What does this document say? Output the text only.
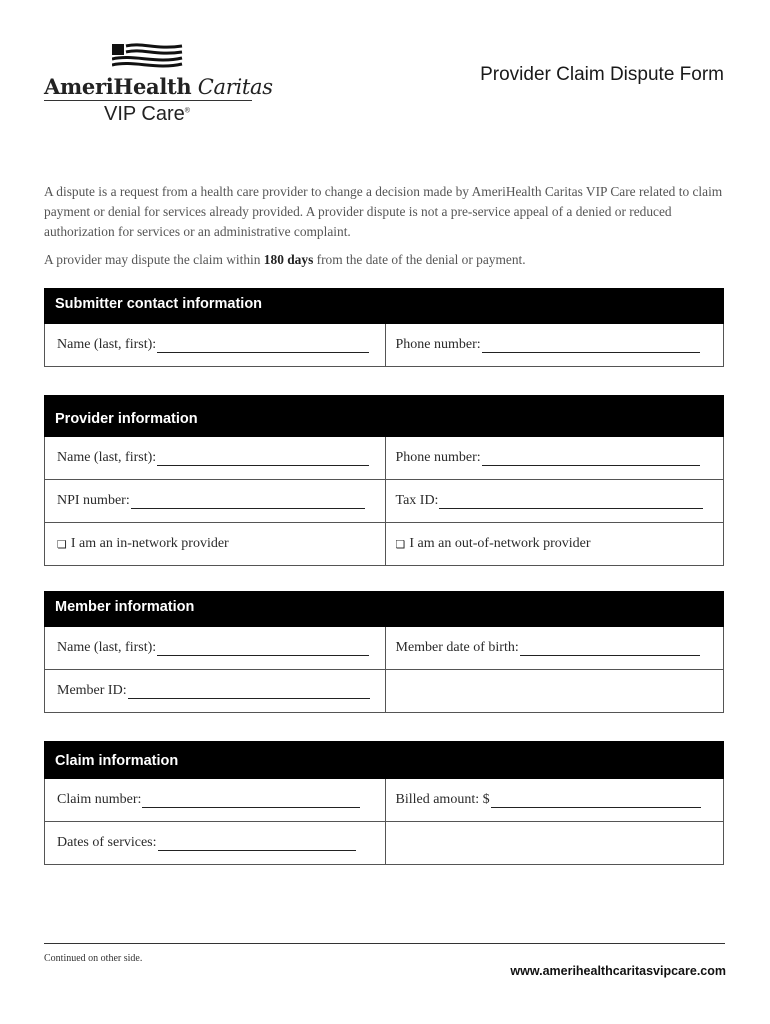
AmeriHealth Caritas
VIP Care®
Provider Claim Dispute Form

A dispute is a request from a health care provider to change a decision made by AmeriHealth Caritas VIP Care related to claim payment or denial for services already provided. A provider dispute is not a pre-service appeal of a denied or reduced authorization for services or an administrative complaint.

A provider may dispute the claim within 180 days from the date of the denial or payment.

Submitter contact information
Name (last, first):	Phone number:
Provider information
Name (last, first):	Phone number:
NPI number:	Tax ID:
❏ I am an in-network provider	❏ I am an out-of-network provider
Member information
Name (last, first):	Member date of birth:
Member ID:
Claim information
Claim number:	Billed amount: $
Dates of services:
Continued on other side.
www.amerihealthcaritasvipcare.com
